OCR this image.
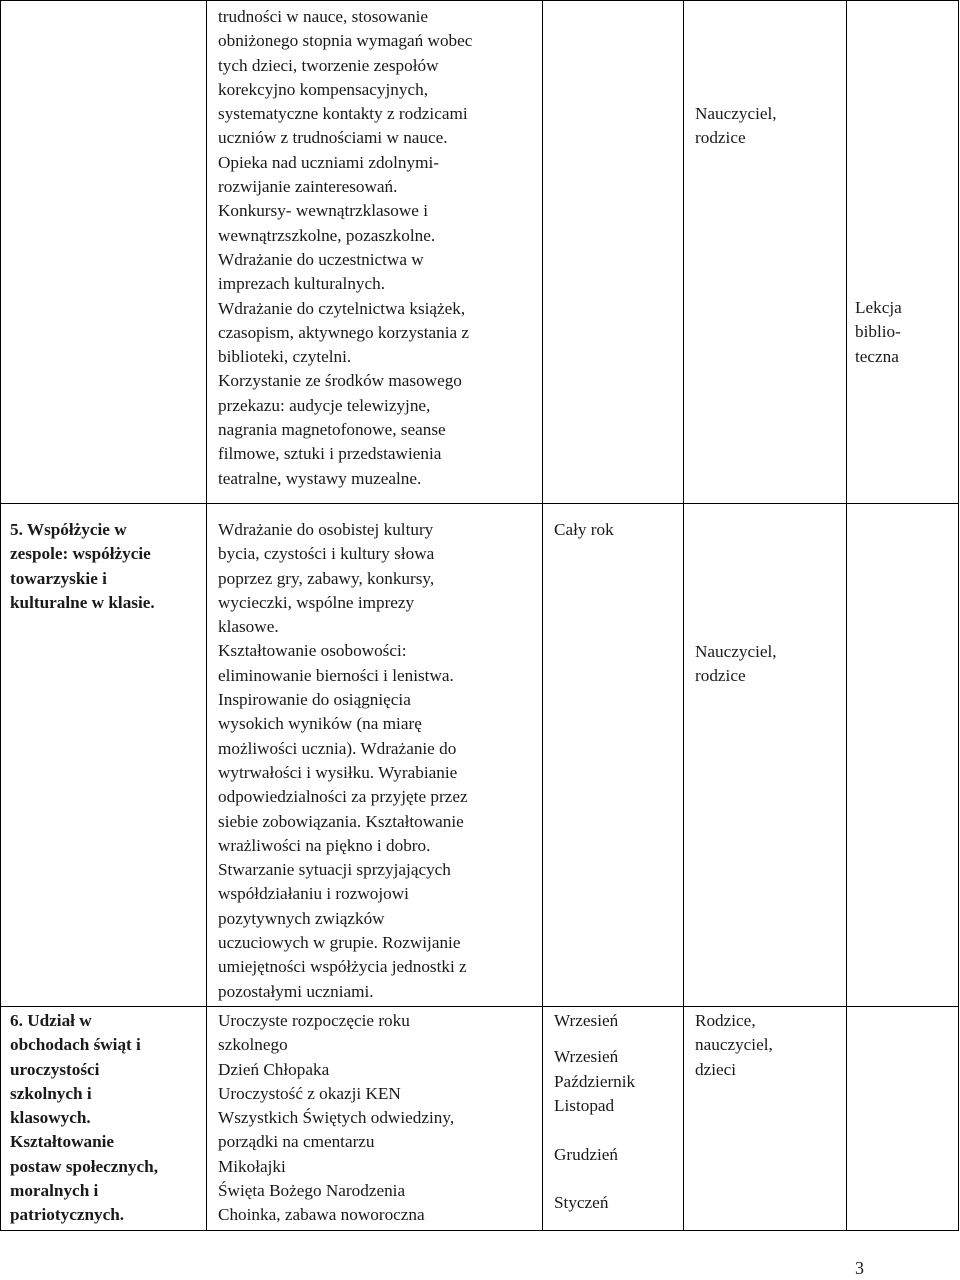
trudności w nauce, stosowanie
obniżonego stopnia wymagań wobec
tych dzieci, tworzenie zespołów
korekcyjno kompensacyjnych,
systematyczne kontakty z rodzicami
uczniów z trudnościami w nauce.
Opieka nad uczniami zdolnymi-
rozwijanie zainteresowań.
Konkursy- wewnątrzklasowe i
wewnątrzszkolne, pozaszkolne.
Wdrażanie do uczestnictwa w
imprezach kulturalnych.
Wdrażanie do czytelnictwa książek,
czasopism, aktywnego korzystania z
biblioteki, czytelni.
Korzystanie ze środków masowego
przekazu: audycje telewizyjne,
nagrania magnetofonowe, seanse
filmowe, sztuki i przedstawienia
teatralne, wystawy muzealne.
Nauczyciel,
rodzice
Lekcja
biblio-
teczna
5. Współżycie w
zespole: współżycie
towarzyskie i
kulturalne w klasie.
Wdrażanie do osobistej kultury
bycia, czystości i kultury słowa
poprzez gry, zabawy, konkursy,
wycieczki, wspólne imprezy
klasowe.
Kształtowanie osobowości:
eliminowanie bierności i lenistwa.
Inspirowanie do osiągnięcia
wysokich wyników (na miarę
możliwości ucznia). Wdrażanie do
wytrwałości i wysiłku. Wyrabianie
odpowiedzialności za przyjęte przez
siebie zobowiązania. Kształtowanie
wrażliwości na piękno i dobro.
Stwarzanie sytuacji sprzyjających
współdziałaniu i rozwojowi
pozytywnych związków
uczuciowych w grupie. Rozwijanie
umiejętności współżycia jednostki z
pozostałymi uczniami.
Cały rok
Nauczyciel,
rodzice
6. Udział w
obchodach świąt i
uroczystości
szkolnych i
klasowych.
Kształtowanie
postaw społecznych,
moralnych i
patriotycznych.
Uroczyste rozpoczęcie roku
szkolnego
Dzień Chłopaka
Uroczystość z okazji KEN
Wszystkich Świętych odwiedziny,
porządki na cmentarzu
Mikołajki
Święta Bożego Narodzenia
Choinka, zabawa noworoczna
Wrzesień
Wrzesień
Październik
Listopad
Grudzień
Styczeń
Rodzice,
nauczyciel,
dzieci
3
